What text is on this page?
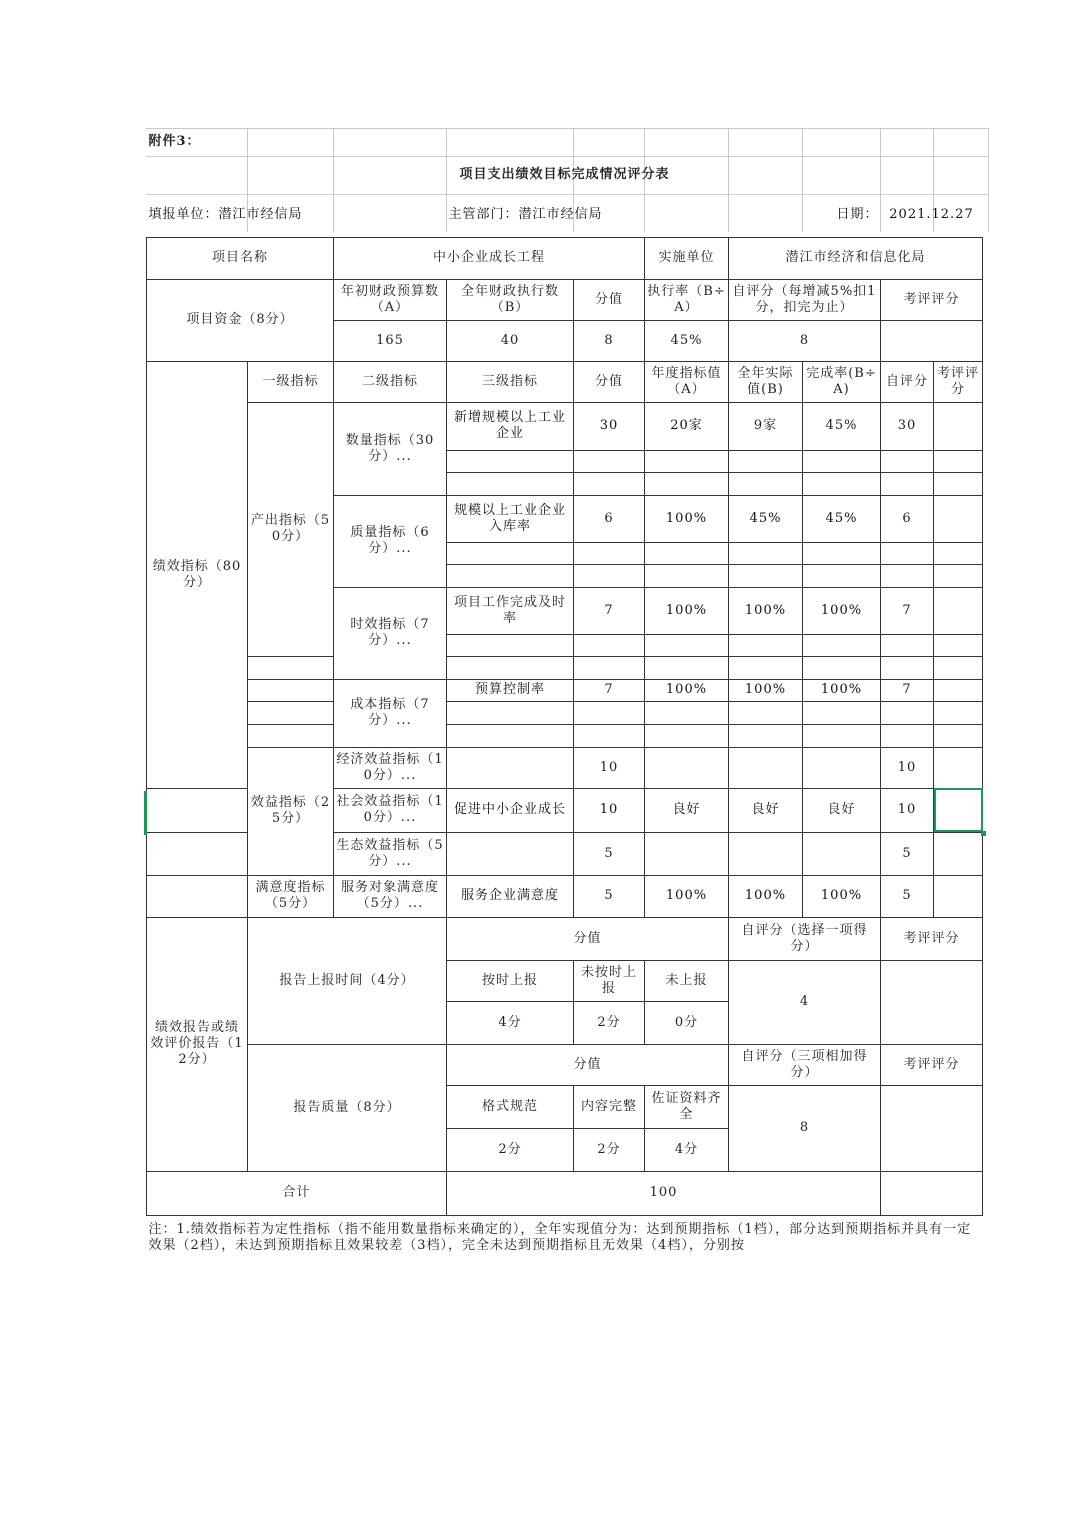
附件3：									
项目支出绩效目标完成情况评分表									
填报单位：潜江市经信局			主管部门：潜江市经信局				日期：	2021.12.27	
项目名称		中小企业成长工程			实施单位	潜江市经济和信息化局			
项目资金（8分）		年初财政预算数（A）	全年财政执行数（B）	分值	执行率（B÷A）	自评分（每增减5%扣1分，扣完为止）		考评评分	
		165	40	8	45%	8			
绩效指标（80分）	一级指标	二级指标	三级指标	分值	年度指标值（A）	全年实际值(B)	完成率(B÷A)	自评分	考评评分
	产出指标（50分）	数量指标（30分）...	新增规模以上工业企业	30	20家	9家	45%	30	

		质量指标（6分）...	规模以上工业企业入库率	6	100%	45%	45%	6	

		时效指标（7分）...	项目工作完成及时率	7	100%	100%	100%	7	

		成本指标（7分）...	预算控制率	7	100%	100%	100%	7	

	效益指标（25分）	经济效益指标（10分）...		10				10	
		社会效益指标（10分）...	促进中小企业成长	10	良好	良好	良好	10	
		生态效益指标（5分）...		5				5	
	满意度指标（5分）	服务对象满意度（5分）...	服务企业满意度	5	100%	100%	100%	5	
绩效报告或绩效评价报告（12分）	报告上报时间（4分）		分值			自评分（选择一项得分）		考评评分	
			按时上报	未按时上报	未上报	4			
			4分	2分	0分				
	报告质量（8分）		分值			自评分（三项相加得分）		考评评分	
			格式规范	内容完整	佐证资料齐全	8			
			2分	2分	4分				
合计			100						
注：1.绩效指标若为定性指标（指不能用数量指标来确定的），全年实现值分为：达到预期指标（1档），部分达到预期指标并具有一定效果（2档），未达到预期指标且效果较差（3档），完全未达到预期指标且无效果（4档），分别按									
